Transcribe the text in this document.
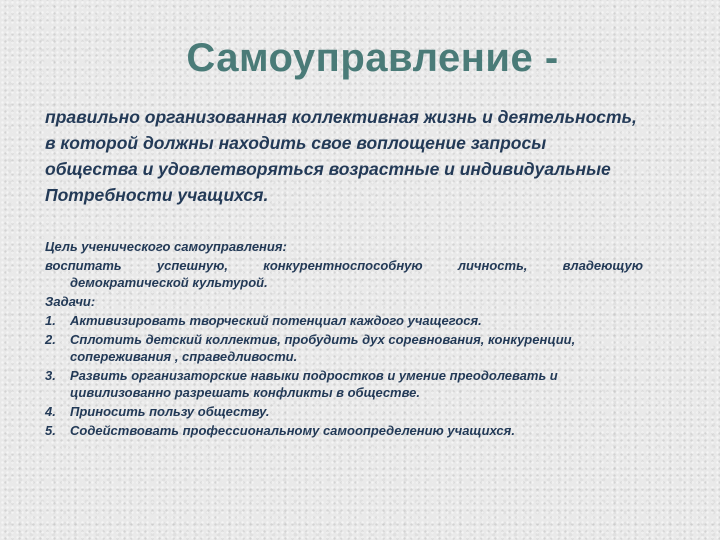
Самоуправление -
правильно организованная коллективная жизнь и деятельность,
в которой должны находить свое воплощение запросы
общества и удовлетворяться возрастные и индивидуальные
Потребности учащихся.
Цель ученического самоуправления:
воспитать	успешную,	конкурентноспособную	личность,	владеющую
демократической культурой.
Задачи:
1. Активизировать творческий потенциал каждого учащегося.
2. Сплотить детский коллектив, пробудить дух соревнования, конкуренции,
сопереживания , справедливости.
3. Развить организаторские навыки подростков и умение преодолевать и
цивилизованно разрешать конфликты в обществе.
4. Приносить пользу обществу.
5. Содействовать профессиональному самоопределению учащихся.
